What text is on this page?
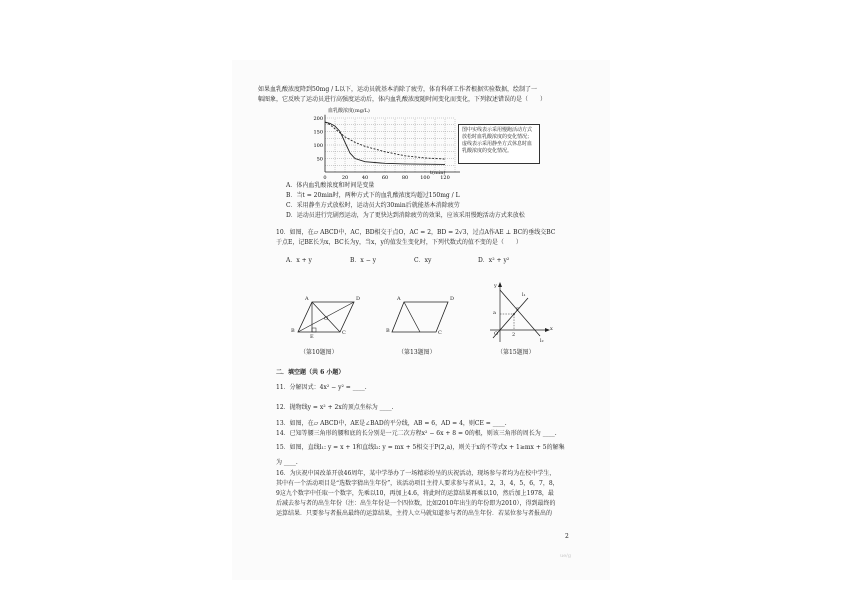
如果血乳酸浓度降到50mg / L以下，运动员就基本消除了疲劳，体育科研工作者根据实验数据，绘制了一
幅图象，它反映了运动员进行高强度运动后，体内血乳酸浓度随时间变化而变化，下列叙述错误的是（　　）
0	20	40	60	80 100 120
50
100
150
200
血乳酸浓度(mg/L)
t(min)
图中实线表示采用慢跑活动方式放松时血乳酸浓度的变化情况；虚线表示采用静坐方式休息时血乳酸浓度的变化情况。
A．体内血乳酸浓度和时间是变量
B．当t = 20min时，两种方式下的血乳酸浓度均超过150mg / L
C．采用静坐方式放松时，运动员大约30min后就能基本消除疲劳
D．运动员进行完剧烈运动，为了更快达到消除疲劳的效果，应该采用慢跑活动方式来放松
10．如图，在▱ ABCD中，AC，BD相交于点O，AC = 2，BD = 2√3，过点A作AE ⊥ BC的垂线交BC
于点E，记BE长为x，BC长为y，当x，y的值发生变化时，下列代数式的值不变的是（　　）
A．x + y	B．x − y	C．xy	D．x² + y²
A	D
O
B
E
C
A	D
B	C
y
l₁
a	P
O	2
x
l₂
（第10题图）	（第13题图）	（第15题图）
二．填空题（共 6 小题）
11．分解因式：4x² − y² = ____.
12．抛物线y = x² + 2x的顶点坐标为 ____.
13．如图，在▱ ABCD中，AE是∠BAD的平分线，AB = 6，AD = 4，则CE = ____.
14．已知等腰三角形的腰和底的长分别是一元二次方程x² − 6x + 8 = 0的根，则该三角形的周长为 ____.
15．如图，直线l₁: y = x + 1和直线l₂: y = mx + 5相交于P(2,a)，则关于x的不等式x + 1≥mx + 5的解集
为 ____.
16．为庆祝中国改革开放46周年，某中学举办了一场精彩纷呈的庆祝活动，现场参与者均为在校中学生，
其中有一个活动项目是“选数字猜出生年份”，该活动项目主持人要求参与者从1，2，3，4，5，6，7，8，
9这九个数字中任取一个数字，先乘以10，再加上4.6，将此时的运算结果再乘以10，然后加上1978，最
后减去参与者的出生年份（注：出生年份是一个四位数，比如2010年出生的年份即为2010），得到最终的
运算结果．只要参与者报出最终的运算结果，主持人立马就知道参与者的出生年份．若某位参与者报出的
2
ue/g
